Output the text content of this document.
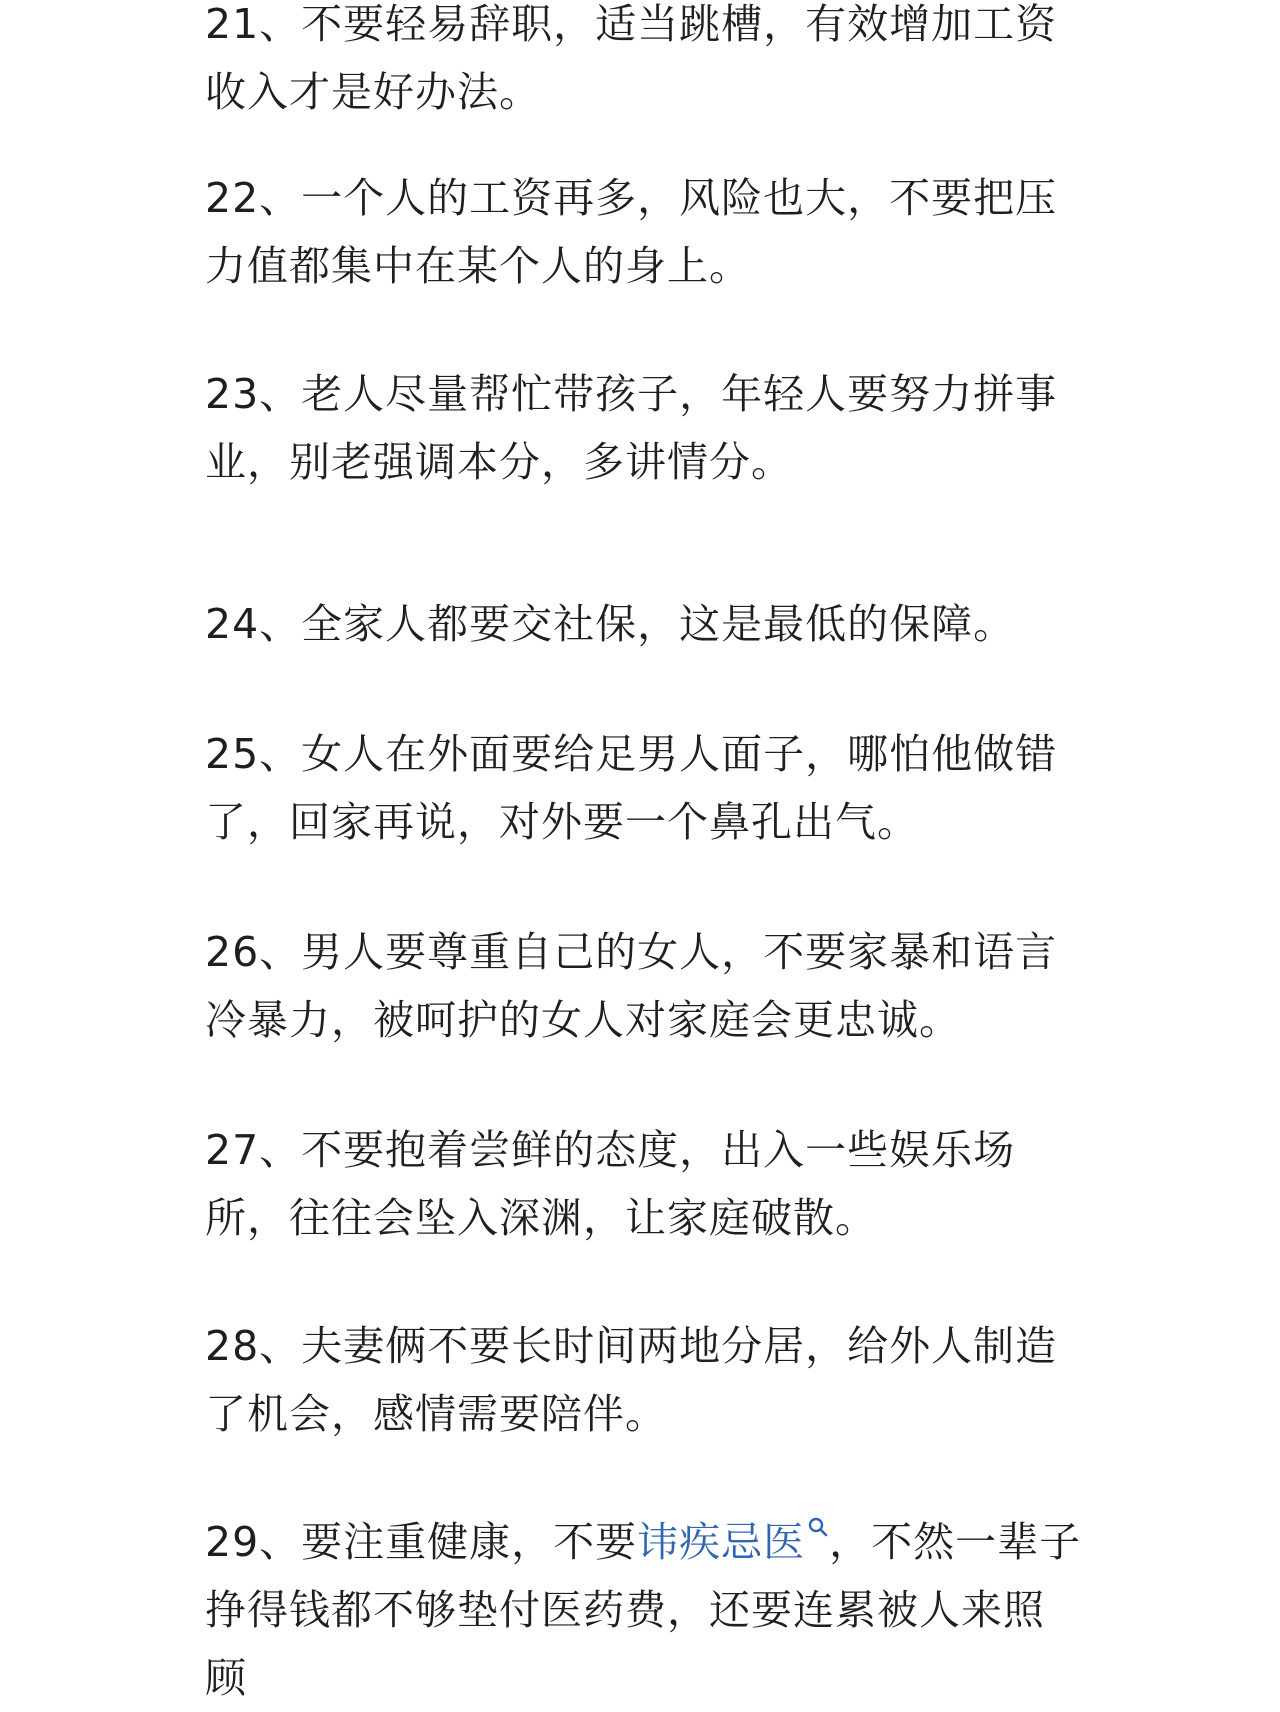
21、不要轻易辞职，适当跳槽，有效增加工资收入才是好办法。

22、一个人的工资再多，风险也大，不要把压力值都集中在某个人的身上。

23、老人尽量帮忙带孩子，年轻人要努力拼事业，别老强调本分，多讲情分。

24、全家人都要交社保，这是最低的保障。

25、女人在外面要给足男人面子，哪怕他做错了，回家再说，对外要一个鼻孔出气。

26、男人要尊重自己的女人，不要家暴和语言冷暴力，被呵护的女人对家庭会更忠诚。

27、不要抱着尝鲜的态度，出入一些娱乐场所，往往会坠入深渊，让家庭破散。

28、夫妻俩不要长时间两地分居，给外人制造了机会，感情需要陪伴。

29、要注重健康，不要讳疾忌医 ，不然一辈子挣得钱都不够垫付医药费，还要连累被人来照顾
